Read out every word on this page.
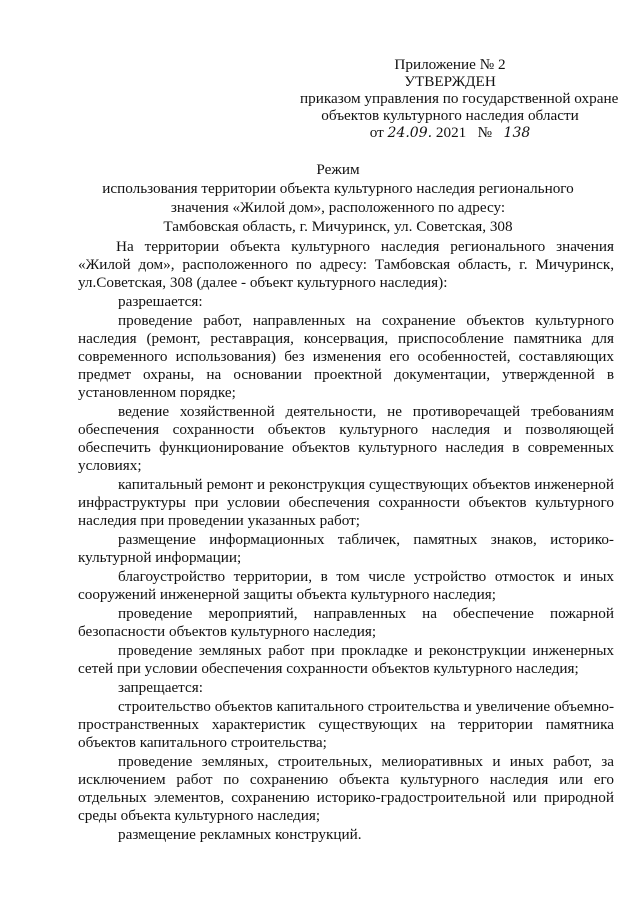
Приложение № 2
УТВЕРЖДЕН
приказом управления по государственной охране
объектов культурного наследия области
от 24.09. 2021 № 138
Режим
использования территории объекта культурного наследия регионального
значения «Жилой дом», расположенного по адресу:
Тамбовская область, г. Мичуринск, ул. Советская, 308

На территории объекта культурного наследия регионального значения «Жилой дом», расположенного по адресу: Тамбовская область, г. Мичуринск, ул.Советская, 308 (далее - объект культурного наследия):

разрешается:

проведение работ, направленных на сохранение объектов культурного наследия (ремонт, реставрация, консервация, приспособление памятника для современного использования) без изменения его особенностей, составляющих предмет охраны, на основании проектной документации, утвержденной в установленном порядке;

ведение хозяйственной деятельности, не противоречащей требованиям обеспечения сохранности объектов культурного наследия и позволяющей обеспечить функционирование объектов культурного наследия в современных условиях;

капитальный ремонт и реконструкция существующих объектов инженерной инфраструктуры при условии обеспечения сохранности объектов культурного наследия при проведении указанных работ;

размещение информационных табличек, памятных знаков, историко-культурной информации;

благоустройство территории, в том числе устройство отмосток и иных сооружений инженерной защиты объекта культурного наследия;

проведение мероприятий, направленных на обеспечение пожарной безопасности объектов культурного наследия;

проведение земляных работ при прокладке и реконструкции инженерных сетей при условии обеспечения сохранности объектов культурного наследия;

запрещается:

строительство объектов капитального строительства и увеличение объемно-пространственных характеристик существующих на территории памятника объектов капитального строительства;

проведение земляных, строительных, мелиоративных и иных работ, за исключением работ по сохранению объекта культурного наследия или его отдельных элементов, сохранению историко-градостроительной или природной среды объекта культурного наследия;

размещение рекламных конструкций.
